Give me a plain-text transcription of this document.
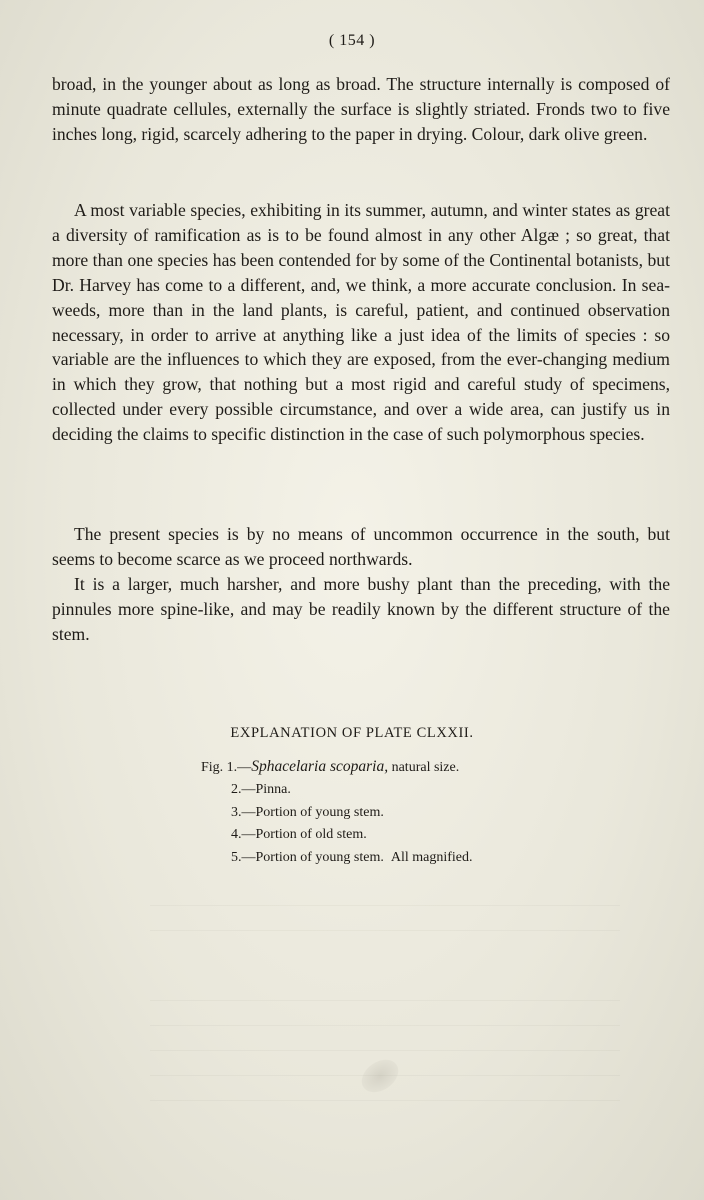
( 154 )

broad, in the younger about as long as broad. The structure internally is composed of minute quadrate cellules, externally the surface is slightly striated. Fronds two to five inches long, rigid, scarcely adhering to the paper in drying. Colour, dark olive green.

A most variable species, exhibiting in its summer, autumn, and winter states as great a diversity of ramification as is to be found almost in any other Algæ ; so great, that more than one species has been contended for by some of the Continental botanists, but Dr. Harvey has come to a different, and, we think, a more accurate conclusion. In sea-weeds, more than in the land plants, is careful, patient, and continued observation necessary, in order to arrive at anything like a just idea of the limits of species : so variable are the influences to which they are exposed, from the ever-changing medium in which they grow, that nothing but a most rigid and careful study of specimens, collected under every possible circumstance, and over a wide area, can justify us in deciding the claims to specific distinction in the case of such polymorphous species.

The present species is by no means of uncommon occurrence in the south, but seems to become scarce as we proceed northwards.

It is a larger, much harsher, and more bushy plant than the preceding, with the pinnules more spine-like, and may be readily known by the different structure of the stem.

EXPLANATION OF PLATE CLXXII.
Fig. 1.—Sphacelaria scoparia, natural size.
2.—Pinna.
3.—Portion of young stem.
4.—Portion of old stem.
5.—Portion of young stem. All magnified.
